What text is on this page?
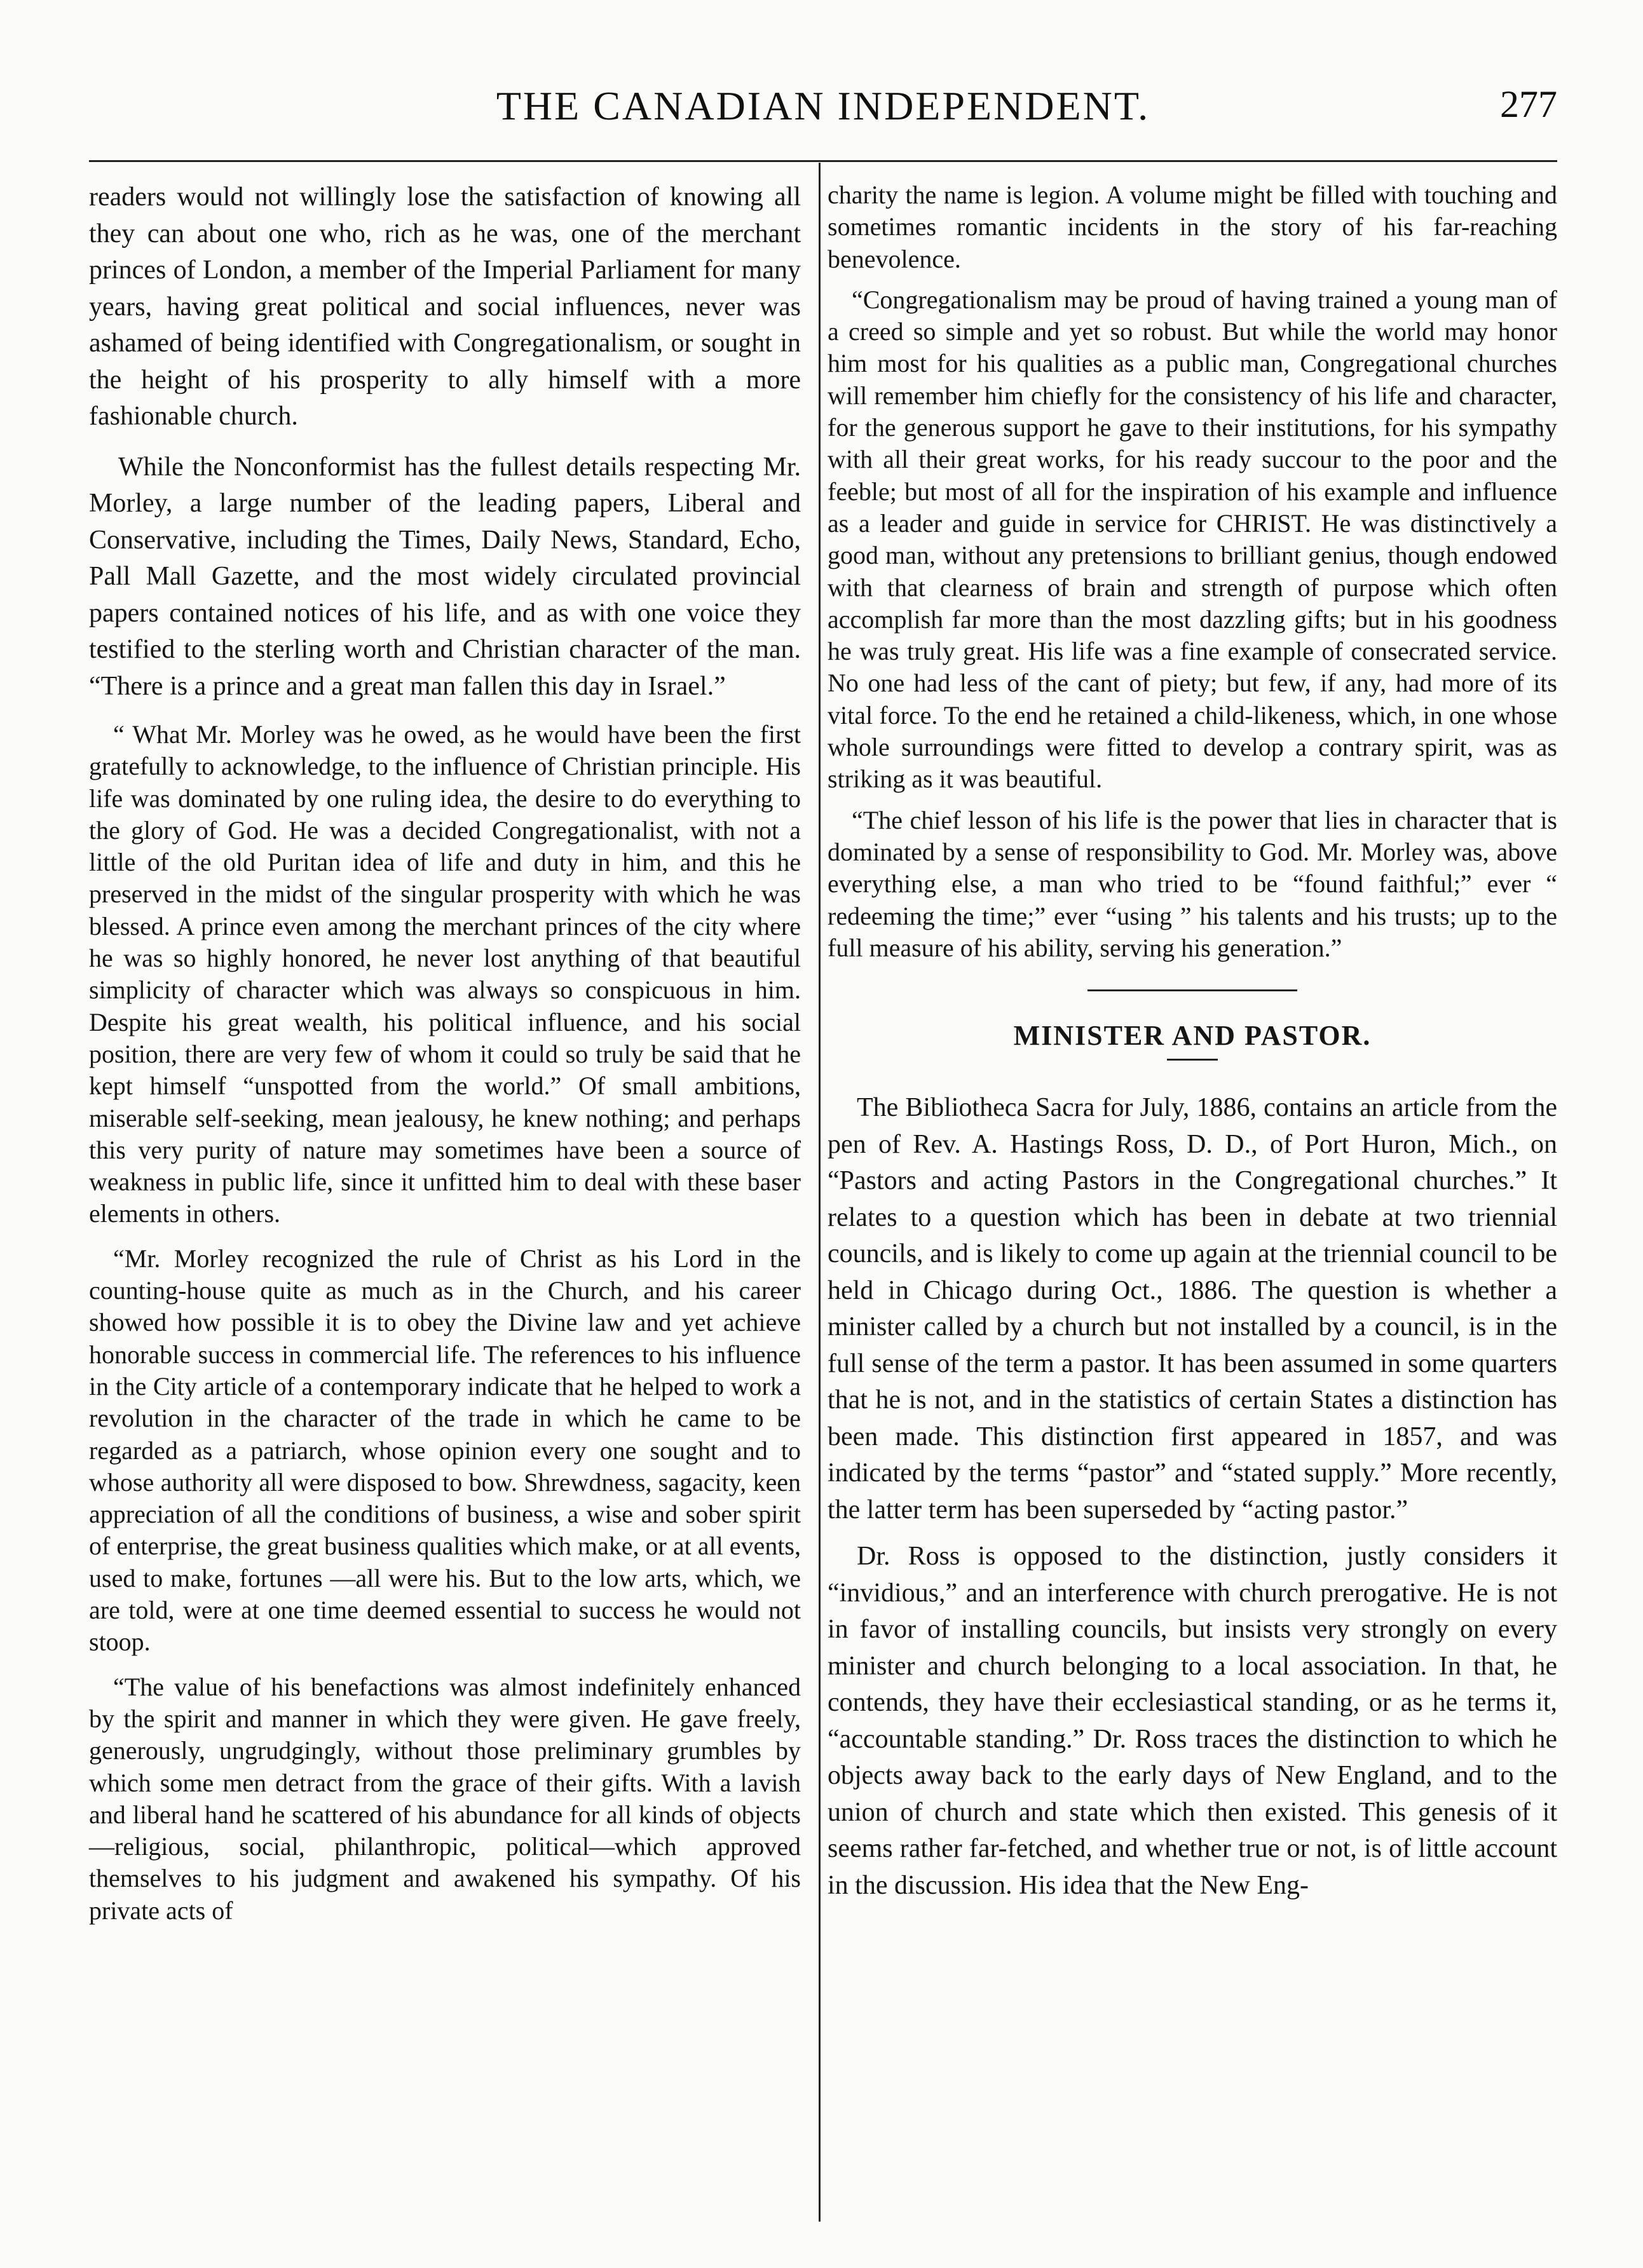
THE CANADIAN INDEPENDENT.	277

readers would not willingly lose the satisfaction of knowing all they can about one who, rich as he was, one of the merchant princes of London, a member of the Imperial Parliament for many years, having great political and social influences, never was ashamed of being identified with Congregationalism, or sought in the height of his prosperity to ally himself with a more fashionable church.

While the Nonconformist has the fullest details respecting Mr. Morley, a large number of the leading papers, Liberal and Conservative, including the Times, Daily News, Standard, Echo, Pall Mall Gazette, and the most widely circulated provincial papers contained notices of his life, and as with one voice they testified to the sterling worth and Christian character of the man. “There is a prince and a great man fallen this day in Israel.”

“ What Mr. Morley was he owed, as he would have been the first gratefully to acknowledge, to the influence of Christian principle. His life was dominated by one ruling idea, the desire to do everything to the glory of God. He was a decided Congregationalist, with not a little of the old Puritan idea of life and duty in him, and this he preserved in the midst of the singular prosperity with which he was blessed. A prince even among the merchant princes of the city where he was so highly honored, he never lost anything of that beautiful simplicity of character which was always so conspicuous in him. Despite his great wealth, his political influence, and his social position, there are very few of whom it could so truly be said that he kept himself “unspotted from the world.” Of small ambitions, miserable self-seeking, mean jealousy, he knew nothing; and perhaps this very purity of nature may sometimes have been a source of weakness in public life, since it unfitted him to deal with these baser elements in others.

“Mr. Morley recognized the rule of Christ as his Lord in the counting-house quite as much as in the Church, and his career showed how possible it is to obey the Divine law and yet achieve honorable success in commercial life. The references to his influence in the City article of a contemporary indicate that he helped to work a revolution in the character of the trade in which he came to be regarded as a patriarch, whose opinion every one sought and to whose authority all were disposed to bow. Shrewdness, sagacity, keen appreciation of all the conditions of business, a wise and sober spirit of enterprise, the great business qualities which make, or at all events, used to make, fortunes —all were his. But to the low arts, which, we are told, were at one time deemed essential to success he would not stoop.

“The value of his benefactions was almost indefinitely enhanced by the spirit and manner in which they were given. He gave freely, generously, ungrudgingly, without those preliminary grumbles by which some men detract from the grace of their gifts. With a lavish and liberal hand he scattered of his abundance for all kinds of objects—religious, social, philanthropic, political—which approved themselves to his judgment and awakened his sympathy. Of his private acts of

charity the name is legion. A volume might be filled with touching and sometimes romantic incidents in the story of his far-reaching benevolence.

“Congregationalism may be proud of having trained a young man of a creed so simple and yet so robust. But while the world may honor him most for his qualities as a public man, Congregational churches will remember him chiefly for the consistency of his life and character, for the generous support he gave to their institutions, for his sympathy with all their great works, for his ready succour to the poor and the feeble; but most of all for the inspiration of his example and influence as a leader and guide in service for CHRIST. He was distinctively a good man, without any pretensions to brilliant genius, though endowed with that clearness of brain and strength of purpose which often accomplish far more than the most dazzling gifts; but in his goodness he was truly great. His life was a fine example of consecrated service. No one had less of the cant of piety; but few, if any, had more of its vital force. To the end he retained a child-likeness, which, in one whose whole surroundings were fitted to develop a contrary spirit, was as striking as it was beautiful.

“The chief lesson of his life is the power that lies in character that is dominated by a sense of responsibility to God. Mr. Morley was, above everything else, a man who tried to be “found faithful;” ever “ redeeming the time;” ever “using ” his talents and his trusts; up to the full measure of his ability, serving his generation.”

MINISTER AND PASTOR.

The Bibliotheca Sacra for July, 1886, contains an article from the pen of Rev. A. Hastings Ross, D. D., of Port Huron, Mich., on “Pastors and acting Pastors in the Congregational churches.” It relates to a question which has been in debate at two triennial councils, and is likely to come up again at the triennial council to be held in Chicago during Oct., 1886. The question is whether a minister called by a church but not installed by a council, is in the full sense of the term a pastor. It has been assumed in some quarters that he is not, and in the statistics of certain States a distinction has been made. This distinction first appeared in 1857, and was indicated by the terms “pastor” and “stated supply.” More recently, the latter term has been superseded by “acting pastor.”

Dr. Ross is opposed to the distinction, justly considers it “invidious,” and an interference with church prerogative. He is not in favor of installing councils, but insists very strongly on every minister and church belonging to a local association. In that, he contends, they have their ecclesiastical standing, or as he terms it, “accountable standing.” Dr. Ross traces the distinction to which he objects away back to the early days of New England, and to the union of church and state which then existed. This genesis of it seems rather far-fetched, and whether true or not, is of little account in the discussion. His idea that the New Eng-
